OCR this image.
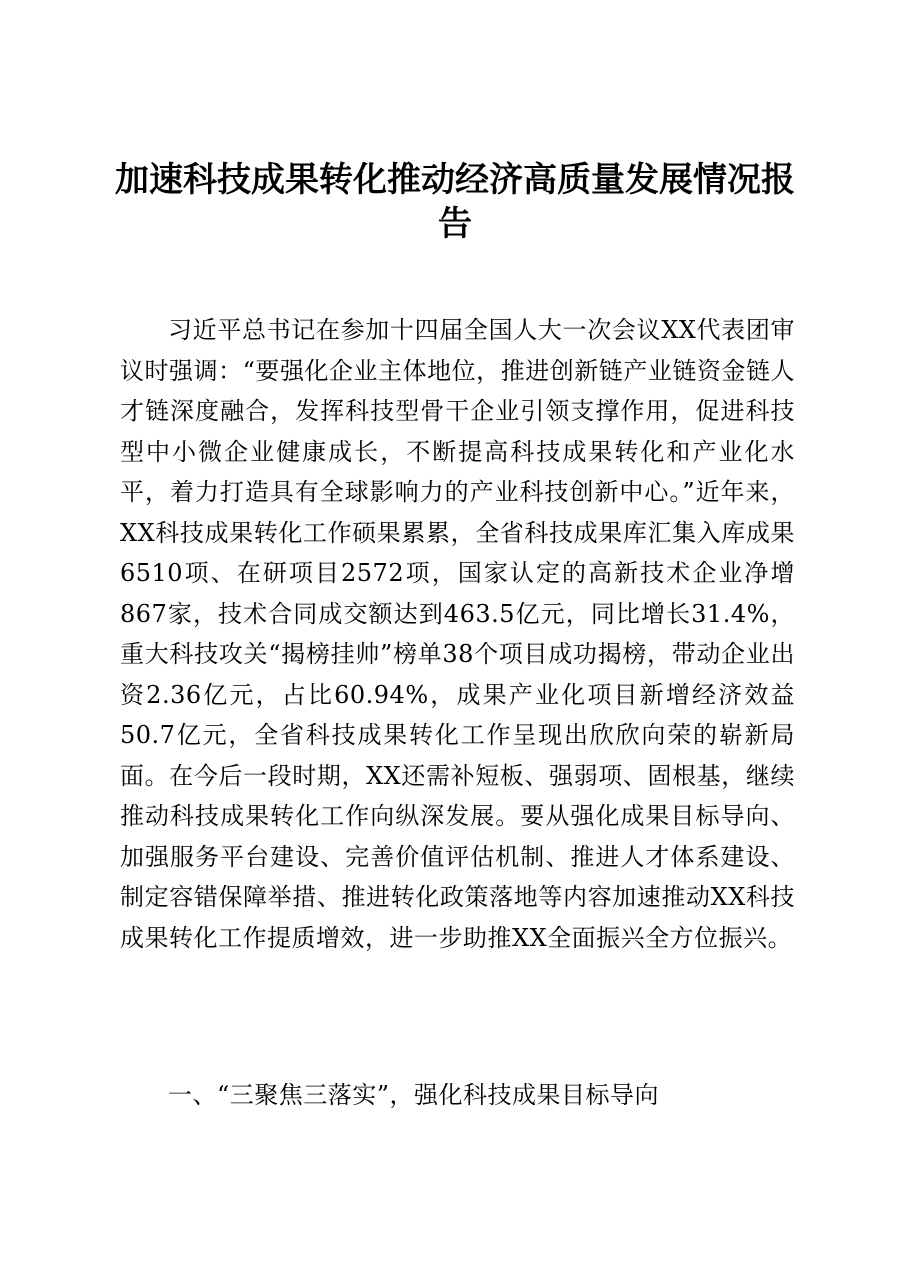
加速科技成果转化推动经济高质量发展情况报告

习近平总书记在参加十四届全国人大一次会议XX代表团审议时强调：“要强化企业主体地位，推进创新链产业链资金链人才链深度融合，发挥科技型骨干企业引领支撑作用，促进科技型中小微企业健康成长，不断提高科技成果转化和产业化水平，着力打造具有全球影响力的产业科技创新中心。”近年来，XX科技成果转化工作硕果累累，全省科技成果库汇集入库成果6510项、在研项目2572项，国家认定的高新技术企业净增867家，技术合同成交额达到463.5亿元，同比增长31.4%，重大科技攻关“揭榜挂帅”榜单38个项目成功揭榜，带动企业出资2.36亿元，占比60.94%，成果产业化项目新增经济效益50.7亿元，全省科技成果转化工作呈现出欣欣向荣的崭新局面。在今后一段时期，XX还需补短板、强弱项、固根基，继续推动科技成果转化工作向纵深发展。要从强化成果目标导向、加强服务平台建设、完善价值评估机制、推进人才体系建设、制定容错保障举措、推进转化政策落地等内容加速推动XX科技成果转化工作提质增效，进一步助推XX全面振兴全方位振兴。

一、“三聚焦三落实”，强化科技成果目标导向
